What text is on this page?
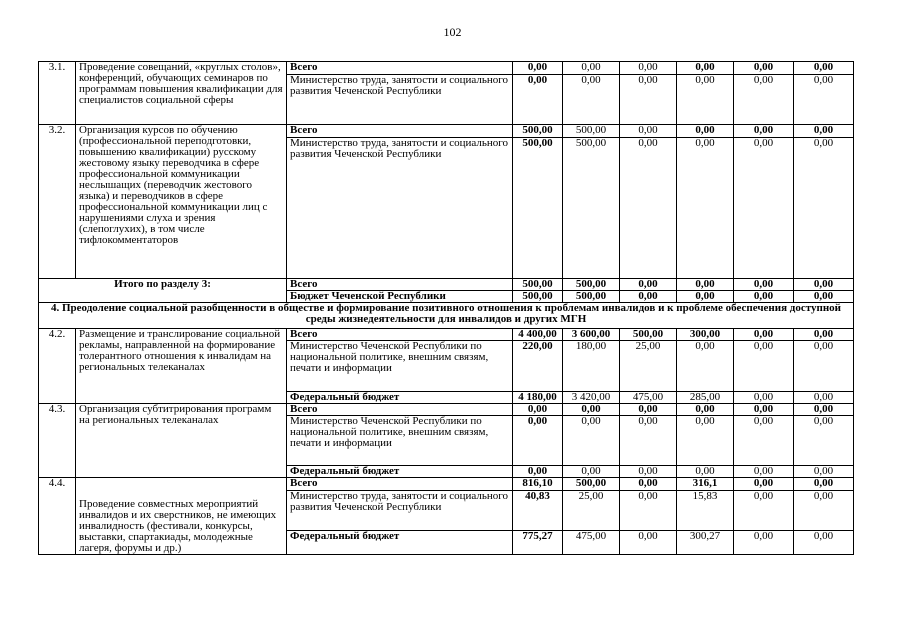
102
3.1.	Проведение совещаний, «круглых столов», конференций, обучающих семинаров по программам повышения квалификации для специалистов социальной сферы	Всего	0,00	0,00	0,00	0,00	0,00	0,00
		Министерство труда, занятости и социального развития Чеченской Республики	0,00	0,00	0,00	0,00	0,00	0,00
3.2.	Организация курсов по обучению (профессиональной переподготовки, повышению квалификации) русскому жестовому языку переводчика в сфере профессиональной коммуникации неслышащих (переводчик жестового языка) и переводчиков в сфере профессиональной коммуникации лиц с нарушениями слуха и зрения (слепоглухих), в том числе тифлокомментаторов	Всего	500,00	500,00	0,00	0,00	0,00	0,00
		Министерство труда, занятости и социального развития Чеченской Республики	500,00	500,00	0,00	0,00	0,00	0,00
Итого по разделу 3:		Всего	500,00	500,00	0,00	0,00	0,00	0,00
		Бюджет Чеченской Республики	500,00	500,00	0,00	0,00	0,00	0,00
4. Преодоление социальной разобщенности в обществе и формирование позитивного отношения к проблемам инвалидов и к проблеме обеспечения доступной среды жизнедеятельности для инвалидов и других МГН								
4.2.	Размещение и транслирование социальной рекламы, направленной на формирование толерантного отношения к инвалидам на региональных телеканалах	Всего	4 400,00	3 600,00	500,00	300,00	0,00	0,00
		Министерство Чеченской Республики по национальной политике, внешним связям, печати и информации	220,00	180,00	25,00	0,00	0,00	0,00
		Федеральный бюджет	4 180,00	3 420,00	475,00	285,00	0,00	0,00
4.3.	Организация субтитрирования программ на региональных телеканалах	Всего	0,00	0,00	0,00	0,00	0,00	0,00
		Министерство Чеченской Республики по национальной политике, внешним связям, печати и информации	0,00	0,00	0,00	0,00	0,00	0,00
		Федеральный бюджет	0,00	0,00	0,00	0,00	0,00	0,00
4.4.	Проведение совместных мероприятий инвалидов и их сверстников, не имеющих инвалидность (фестивали, конкурсы, выставки, спартакиады, молодежные лагеря, форумы и др.)	Всего	816,10	500,00	0,00	316,1	0,00	0,00
		Министерство труда, занятости и социального развития Чеченской Республики	40,83	25,00	0,00	15,83	0,00	0,00
		Федеральный бюджет	775,27	475,00	0,00	300,27	0,00	0,00
